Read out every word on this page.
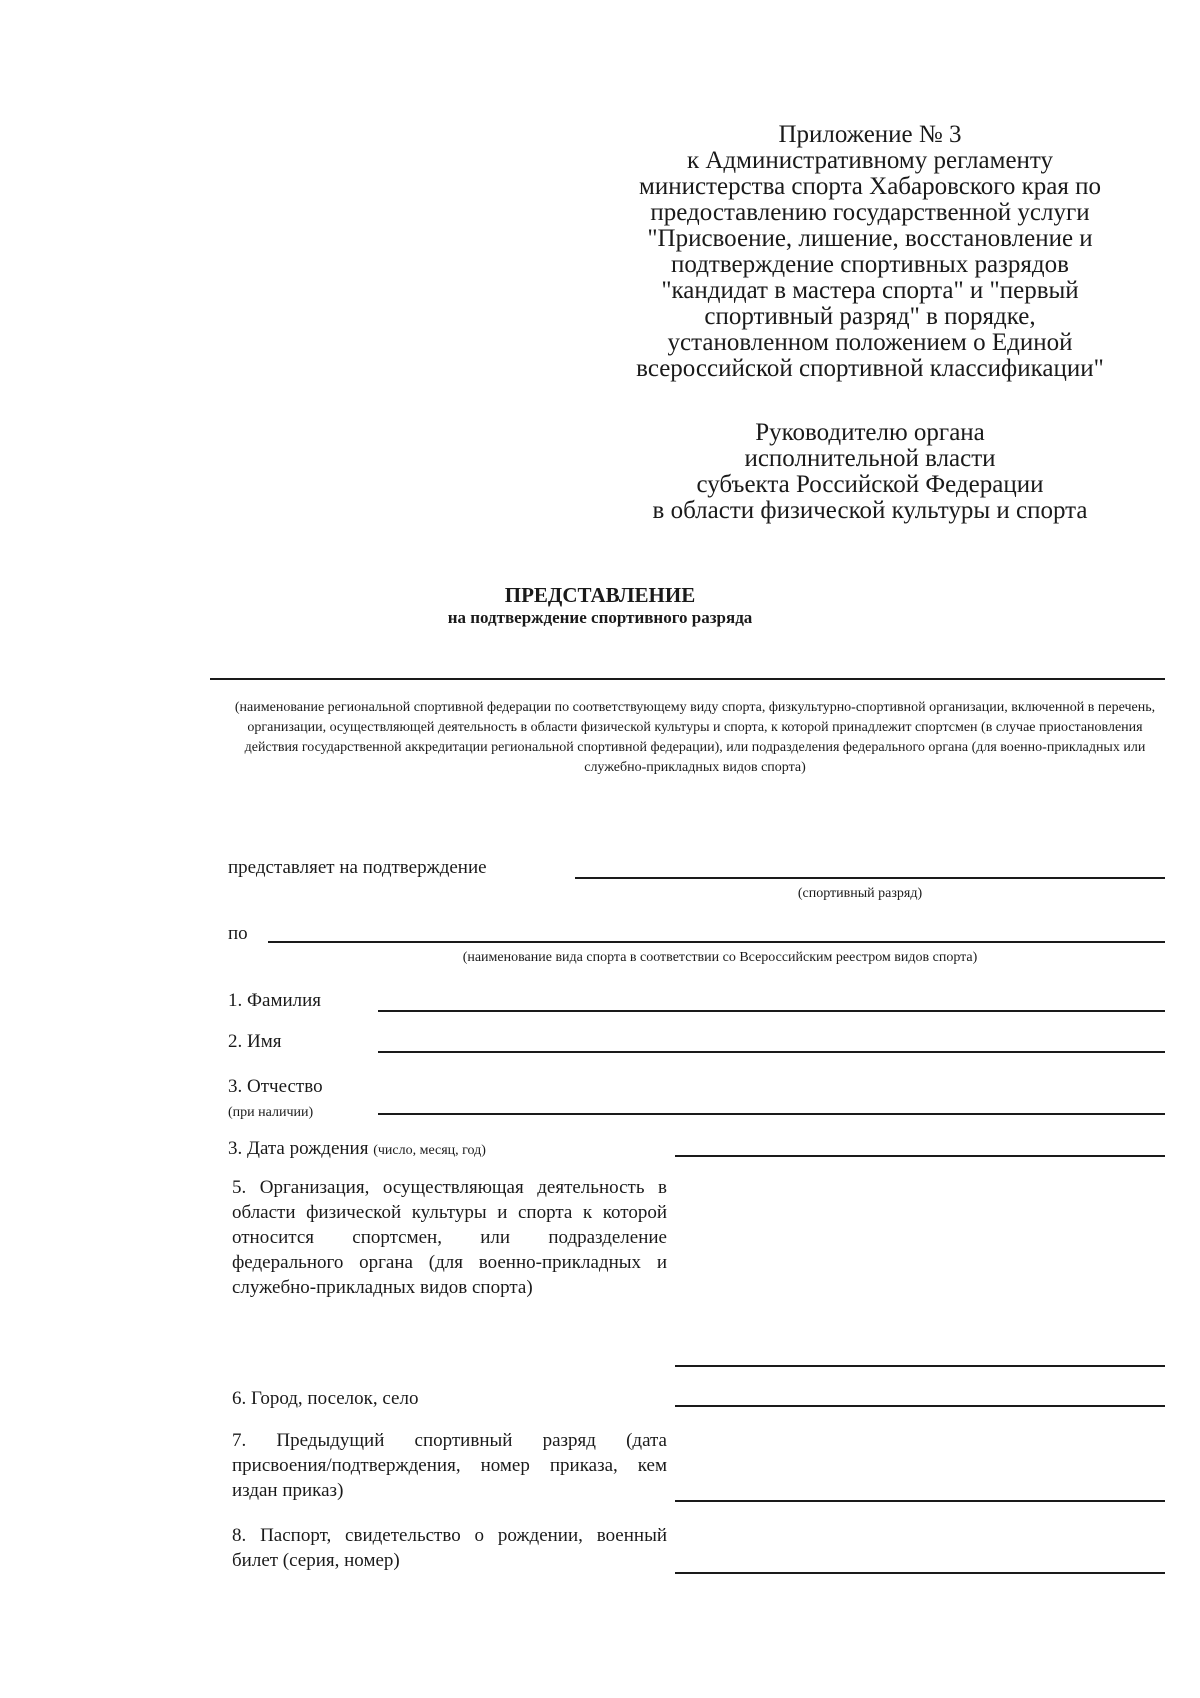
Приложение № 3
к Административному регламенту
министерства спорта Хабаровского края по
предоставлению государственной услуги
"Присвоение, лишение, восстановление и
подтверждение спортивных разрядов
"кандидат в мастера спорта" и "первый
спортивный разряд" в порядке,
установленном положением о Единой
всероссийской спортивной классификации"
Руководителю органа
исполнительной власти
субъекта Российской Федерации
в области физической культуры и спорта
ПРЕДСТАВЛЕНИЕ
на подтверждение спортивного разряда
(наименование региональной спортивной федерации по соответствующему виду спорта, физкультурно-спортивной организации, включенной в перечень, организации, осуществляющей деятельность в области физической культуры и спорта, к которой принадлежит спортсмен (в случае приостановления действия государственной аккредитации региональной спортивной федерации), или подразделения федерального органа (для военно-прикладных или служебно-прикладных видов спорта)
представляет на подтверждение
(спортивный разряд)
по
(наименование вида спорта в соответствии со Всероссийским реестром видов спорта)
1. Фамилия
2. Имя
3. Отчество
(при наличии)
3. Дата рождения (число, месяц, год)
5. Организация, осуществляющая деятельность в области физической культуры и спорта к которой относится спортсмен, или подразделение федерального органа (для военно-прикладных и служебно-прикладных видов спорта)
6. Город, поселок, село
7. Предыдущий спортивный разряд (дата присвоения/подтверждения, номер приказа, кем издан приказ)
8. Паспорт, свидетельство о рождении, военный билет (серия, номер)
